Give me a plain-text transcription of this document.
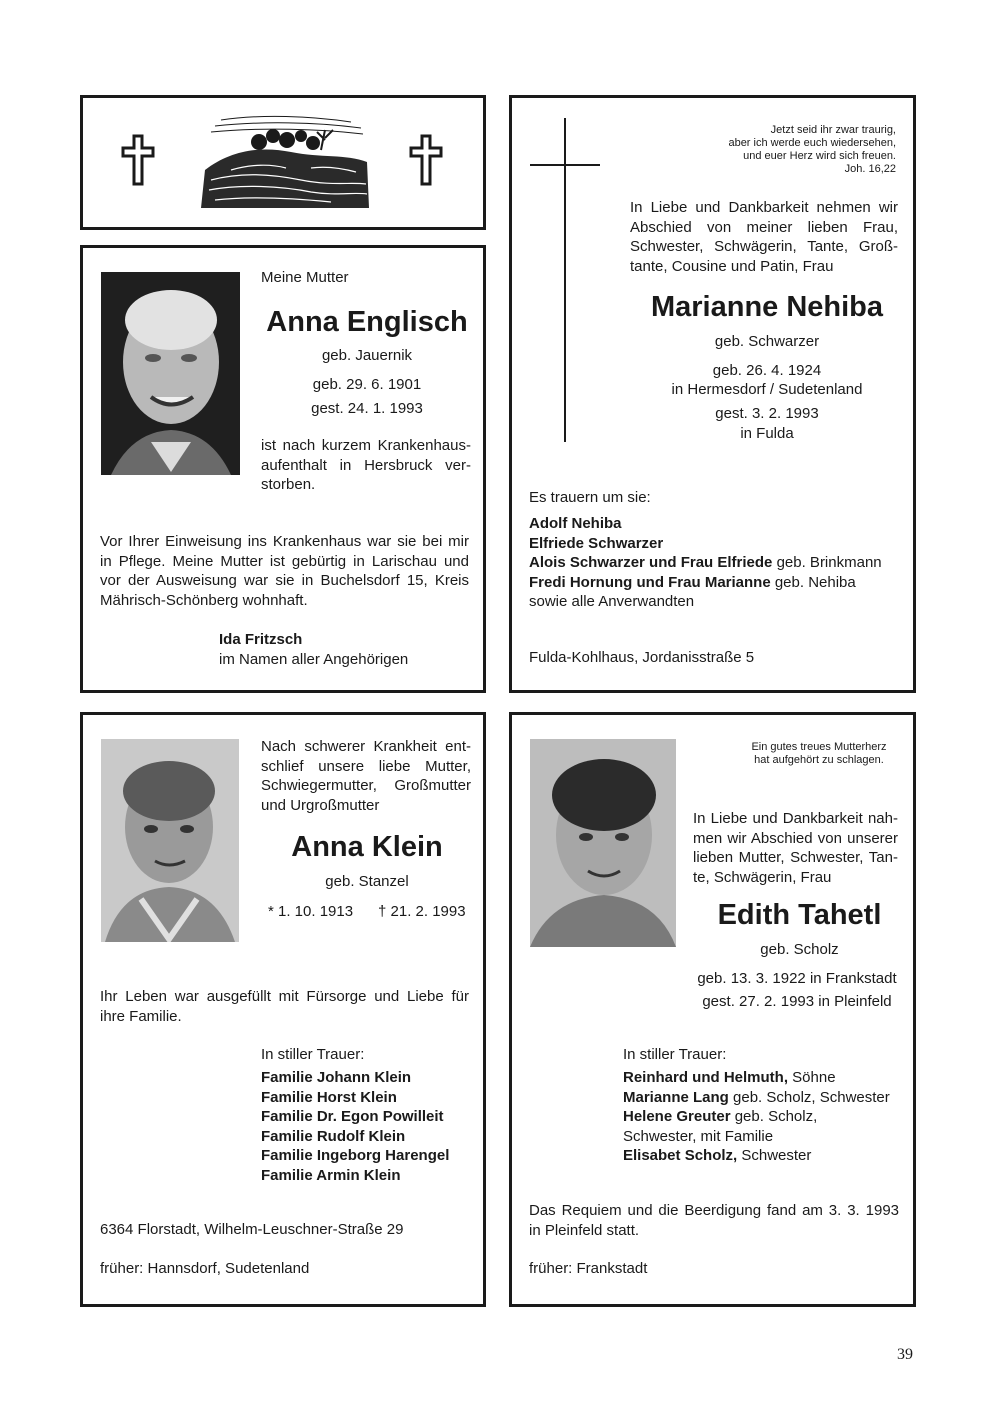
Meine Mutter
Anna Englisch
geb. Jauernik
geb. 29. 6. 1901
gest. 24. 1. 1993
ist nach kurzem Krankenhaus-aufenthalt in Hersbruck ver-storben.
Vor Ihrer Einweisung ins Krankenhaus war sie bei mir in Pflege. Meine Mutter ist gebürtig in Larischau und vor der Ausweisung war sie in Buchelsdorf 15, Kreis Mährisch-Schönberg wohnhaft.
Ida Fritzsch
im Namen aller Angehörigen
Jetzt seid ihr zwar traurig,
aber ich werde euch wiedersehen,
und euer Herz wird sich freuen.
Joh. 16,22
In Liebe und Dankbarkeit nehmen wir Abschied von meiner lieben Frau, Schwester, Schwägerin, Tante, Groß-tante, Cousine und Patin, Frau
Marianne Nehiba
geb. Schwarzer
geb. 26. 4. 1924
in Hermesdorf / Sudetenland
gest. 3. 2. 1993
in Fulda
Es trauern um sie:
Adolf Nehiba
Elfriede Schwarzer
Alois Schwarzer und Frau Elfriede geb. Brinkmann
Fredi Hornung und Frau Marianne geb. Nehiba
sowie alle Anverwandten
Fulda-Kohlhaus, Jordanisstraße 5
Nach schwerer Krankheit ent-schlief unsere liebe Mutter, Schwiegermutter, Großmutter und Urgroßmutter
Anna Klein
geb. Stanzel
* 1. 10. 1913 † 21. 2. 1993
Ihr Leben war ausgefüllt mit Fürsorge und Liebe für ihre Familie.
In stiller Trauer:
Familie Johann Klein
Familie Horst Klein
Familie Dr. Egon Powilleit
Familie Rudolf Klein
Familie Ingeborg Harengel
Familie Armin Klein
6364 Florstadt, Wilhelm-Leuschner-Straße 29
früher: Hannsdorf, Sudetenland
Ein gutes treues Mutterherz
hat aufgehört zu schlagen.
In Liebe und Dankbarkeit nah-men wir Abschied von unserer lieben Mutter, Schwester, Tan-te, Schwägerin, Frau
Edith Tahetl
geb. Scholz
geb. 13. 3. 1922 in Frankstadt
gest. 27. 2. 1993 in Pleinfeld
In stiller Trauer:
Reinhard und Helmuth, Söhne
Marianne Lang geb. Scholz, Schwester
Helene Greuter geb. Scholz,
Schwester, mit Familie
Elisabet Scholz, Schwester
Das Requiem und die Beerdigung fand am 3. 3. 1993 in Pleinfeld statt.
früher: Frankstadt
39
